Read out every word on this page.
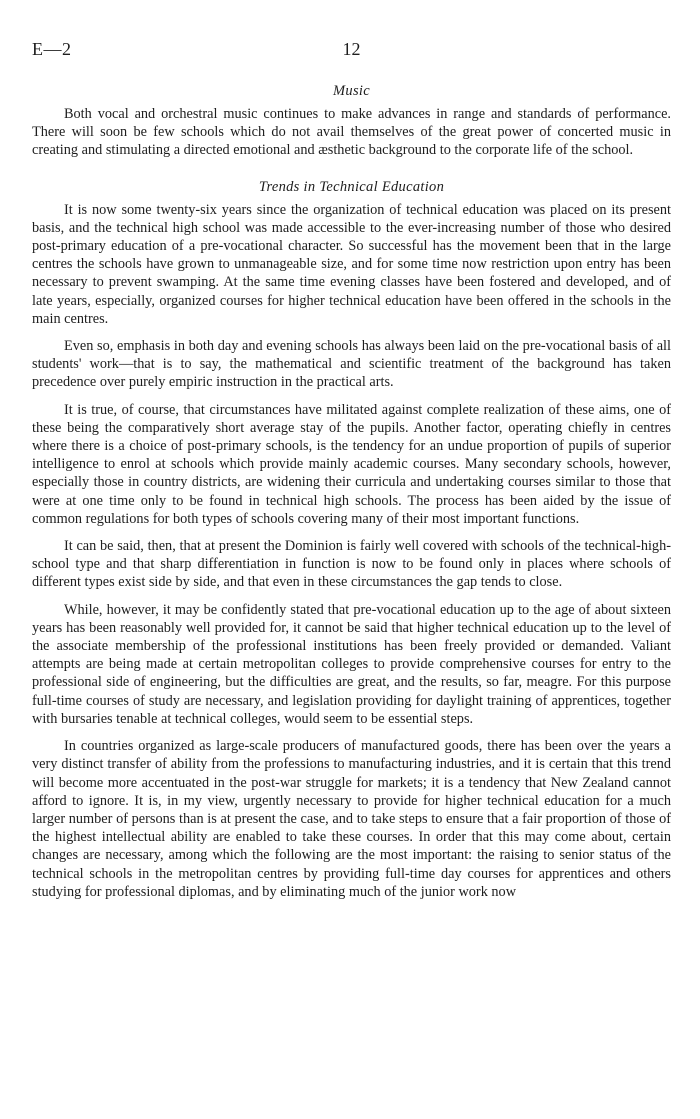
E—2	12
Music

Both vocal and orchestral music continues to make advances in range and standards of performance. There will soon be few schools which do not avail themselves of the great power of concerted music in creating and stimulating a directed emotional and æsthetic background to the corporate life of the school.

Trends in Technical Education

It is now some twenty-six years since the organization of technical education was placed on its present basis, and the technical high school was made accessible to the ever-increasing number of those who desired post-primary education of a pre-vocational character. So successful has the movement been that in the large centres the schools have grown to unmanageable size, and for some time now restriction upon entry has been necessary to prevent swamping. At the same time evening classes have been fostered and developed, and of late years, especially, organized courses for higher technical education have been offered in the schools in the main centres.

Even so, emphasis in both day and evening schools has always been laid on the pre-vocational basis of all students' work—that is to say, the mathematical and scientific treatment of the background has taken precedence over purely empiric instruction in the practical arts.

It is true, of course, that circumstances have militated against complete realization of these aims, one of these being the comparatively short average stay of the pupils. Another factor, operating chiefly in centres where there is a choice of post-primary schools, is the tendency for an undue proportion of pupils of superior intelligence to enrol at schools which provide mainly academic courses. Many secondary schools, however, especially those in country districts, are widening their curricula and undertaking courses similar to those that were at one time only to be found in technical high schools. The process has been aided by the issue of common regulations for both types of schools covering many of their most important functions.

It can be said, then, that at present the Dominion is fairly well covered with schools of the technical-high-school type and that sharp differentiation in function is now to be found only in places where schools of different types exist side by side, and that even in these circumstances the gap tends to close.

While, however, it may be confidently stated that pre-vocational education up to the age of about sixteen years has been reasonably well provided for, it cannot be said that higher technical education up to the level of the associate membership of the professional institutions has been freely provided or demanded. Valiant attempts are being made at certain metropolitan colleges to provide comprehensive courses for entry to the professional side of engineering, but the difficulties are great, and the results, so far, meagre. For this purpose full-time courses of study are necessary, and legislation providing for daylight training of apprentices, together with bursaries tenable at technical colleges, would seem to be essential steps.

In countries organized as large-scale producers of manufactured goods, there has been over the years a very distinct transfer of ability from the professions to manufacturing industries, and it is certain that this trend will become more accentuated in the post-war struggle for markets; it is a tendency that New Zealand cannot afford to ignore. It is, in my view, urgently necessary to provide for higher technical education for a much larger number of persons than is at present the case, and to take steps to ensure that a fair proportion of those of the highest intellectual ability are enabled to take these courses. In order that this may come about, certain changes are necessary, among which the following are the most important: the raising to senior status of the technical schools in the metropolitan centres by providing full-time day courses for apprentices and others studying for professional diplomas, and by eliminating much of the junior work now
